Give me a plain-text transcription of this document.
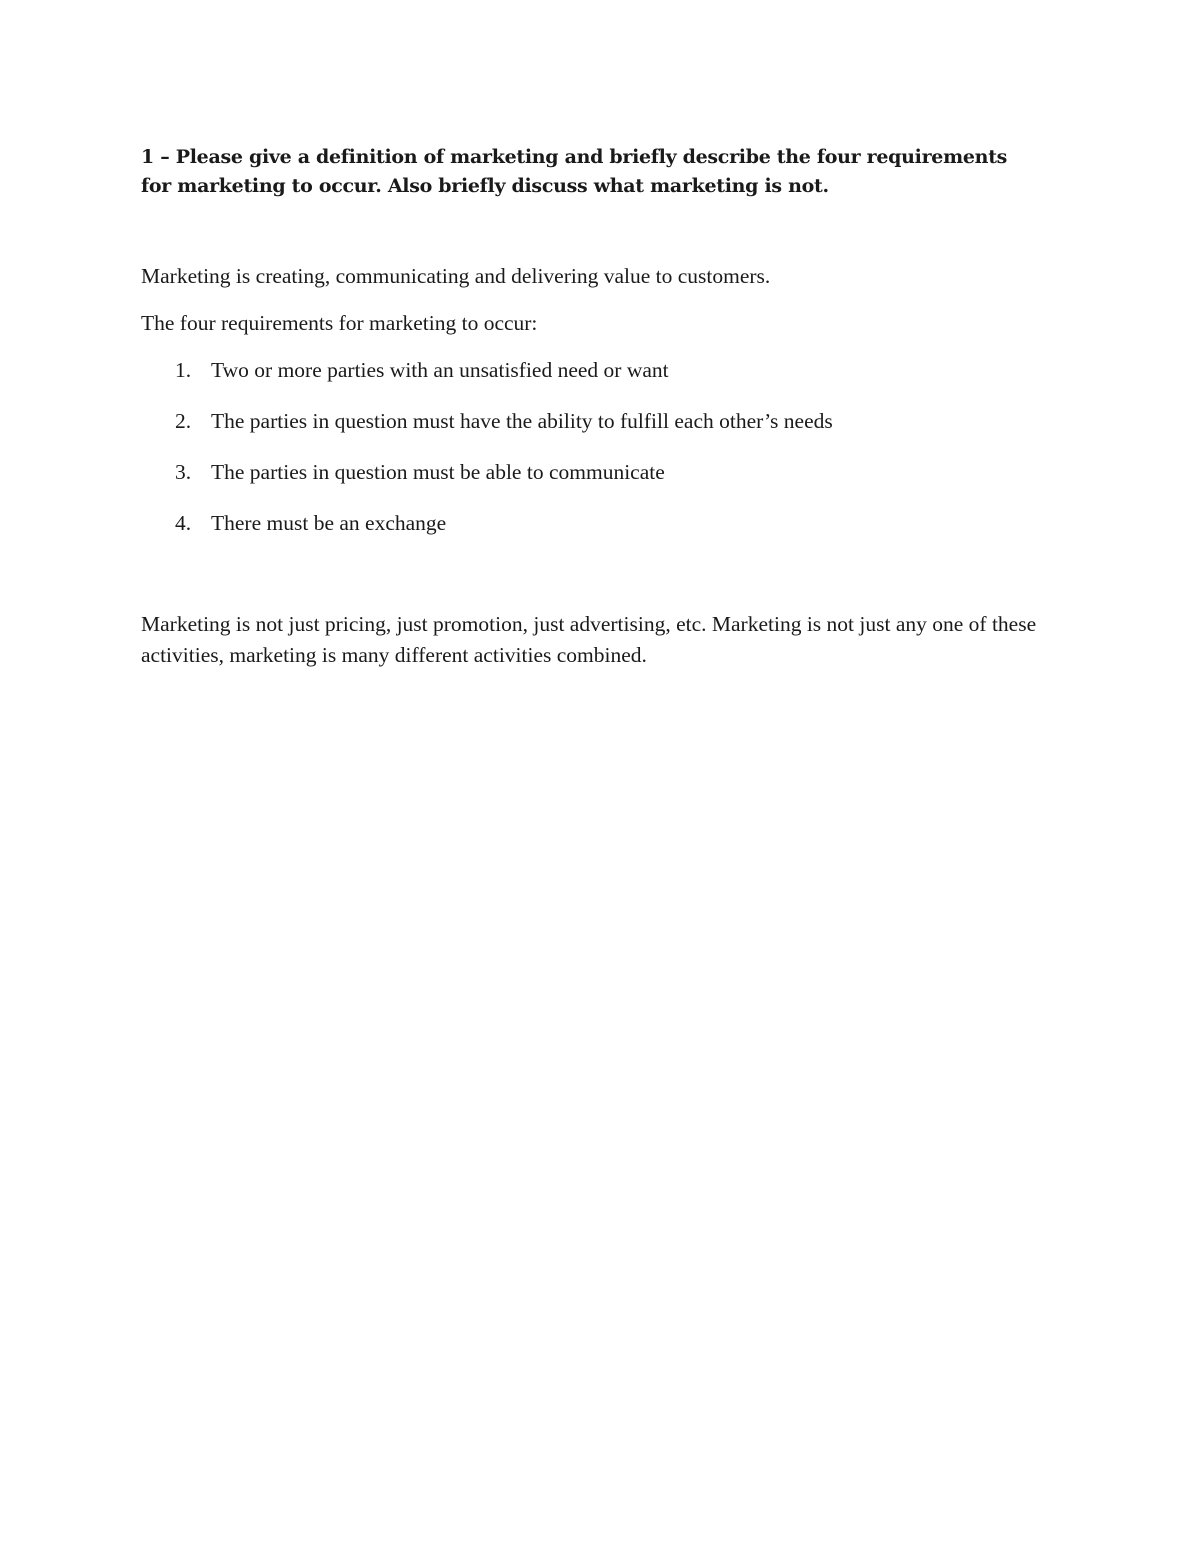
1 – Please give a definition of marketing and briefly describe the four requirements for marketing to occur. Also briefly discuss what marketing is not.

Marketing is creating, communicating and delivering value to customers.

The four requirements for marketing to occur:

1. Two or more parties with an unsatisfied need or want
2. The parties in question must have the ability to fulfill each other’s needs
3. The parties in question must be able to communicate
4. There must be an exchange

Marketing is not just pricing, just promotion, just advertising, etc. Marketing is not just any one of these activities, marketing is many different activities combined.
